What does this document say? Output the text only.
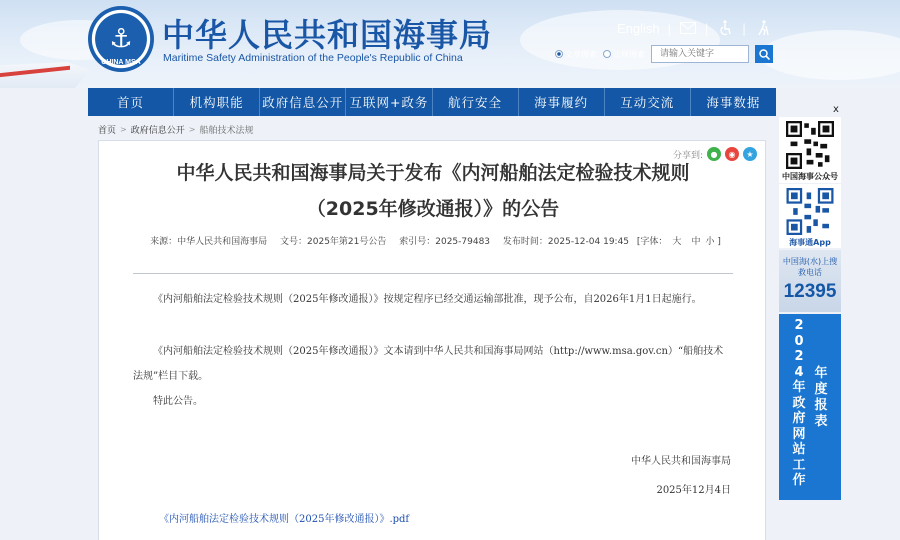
⚓
CHINA MSA
中华人民共和国海事局
Maritime Safety Administration of the People's Republic of China
English |	|	|
文章搜索 法规搜索
请输入关键字
首页	机构职能	政府信息公开 互联网+政务	航行安全	海事履约	互动交流	海事数据
首页 > 政府信息公开 > 船舶技术法规
分享到: ●	◉	★
中华人民共和国海事局关于发布《内河船舶法定检验技术规则（2025年修改通报）》的公告
来源：中华人民共和国海事局 文号：2025年第21号公告 索引号：2025-79483 发布时间：2025-12-04 19:45 [字体： 大 中 小 ]
《内河船舶法定检验技术规则（2025年修改通报）》按规定程序已经交通运输部批准，现予公布，自2026年1月1日起施行。
《内河船舶法定检验技术规则（2025年修改通报）》文本请到中华人民共和国海事局网站（http://www.msa.gov.cn）“船舶技术法规”栏目下载。
特此公告。
中华人民共和国海事局
2025年12月4日
《内河船舶法定检验技术规则（2025年修改通报）》.pdf
x
中国海事公众号
海事通App
中国海(水)上搜救电话
12395
2024年政府网站工作
年度报表
